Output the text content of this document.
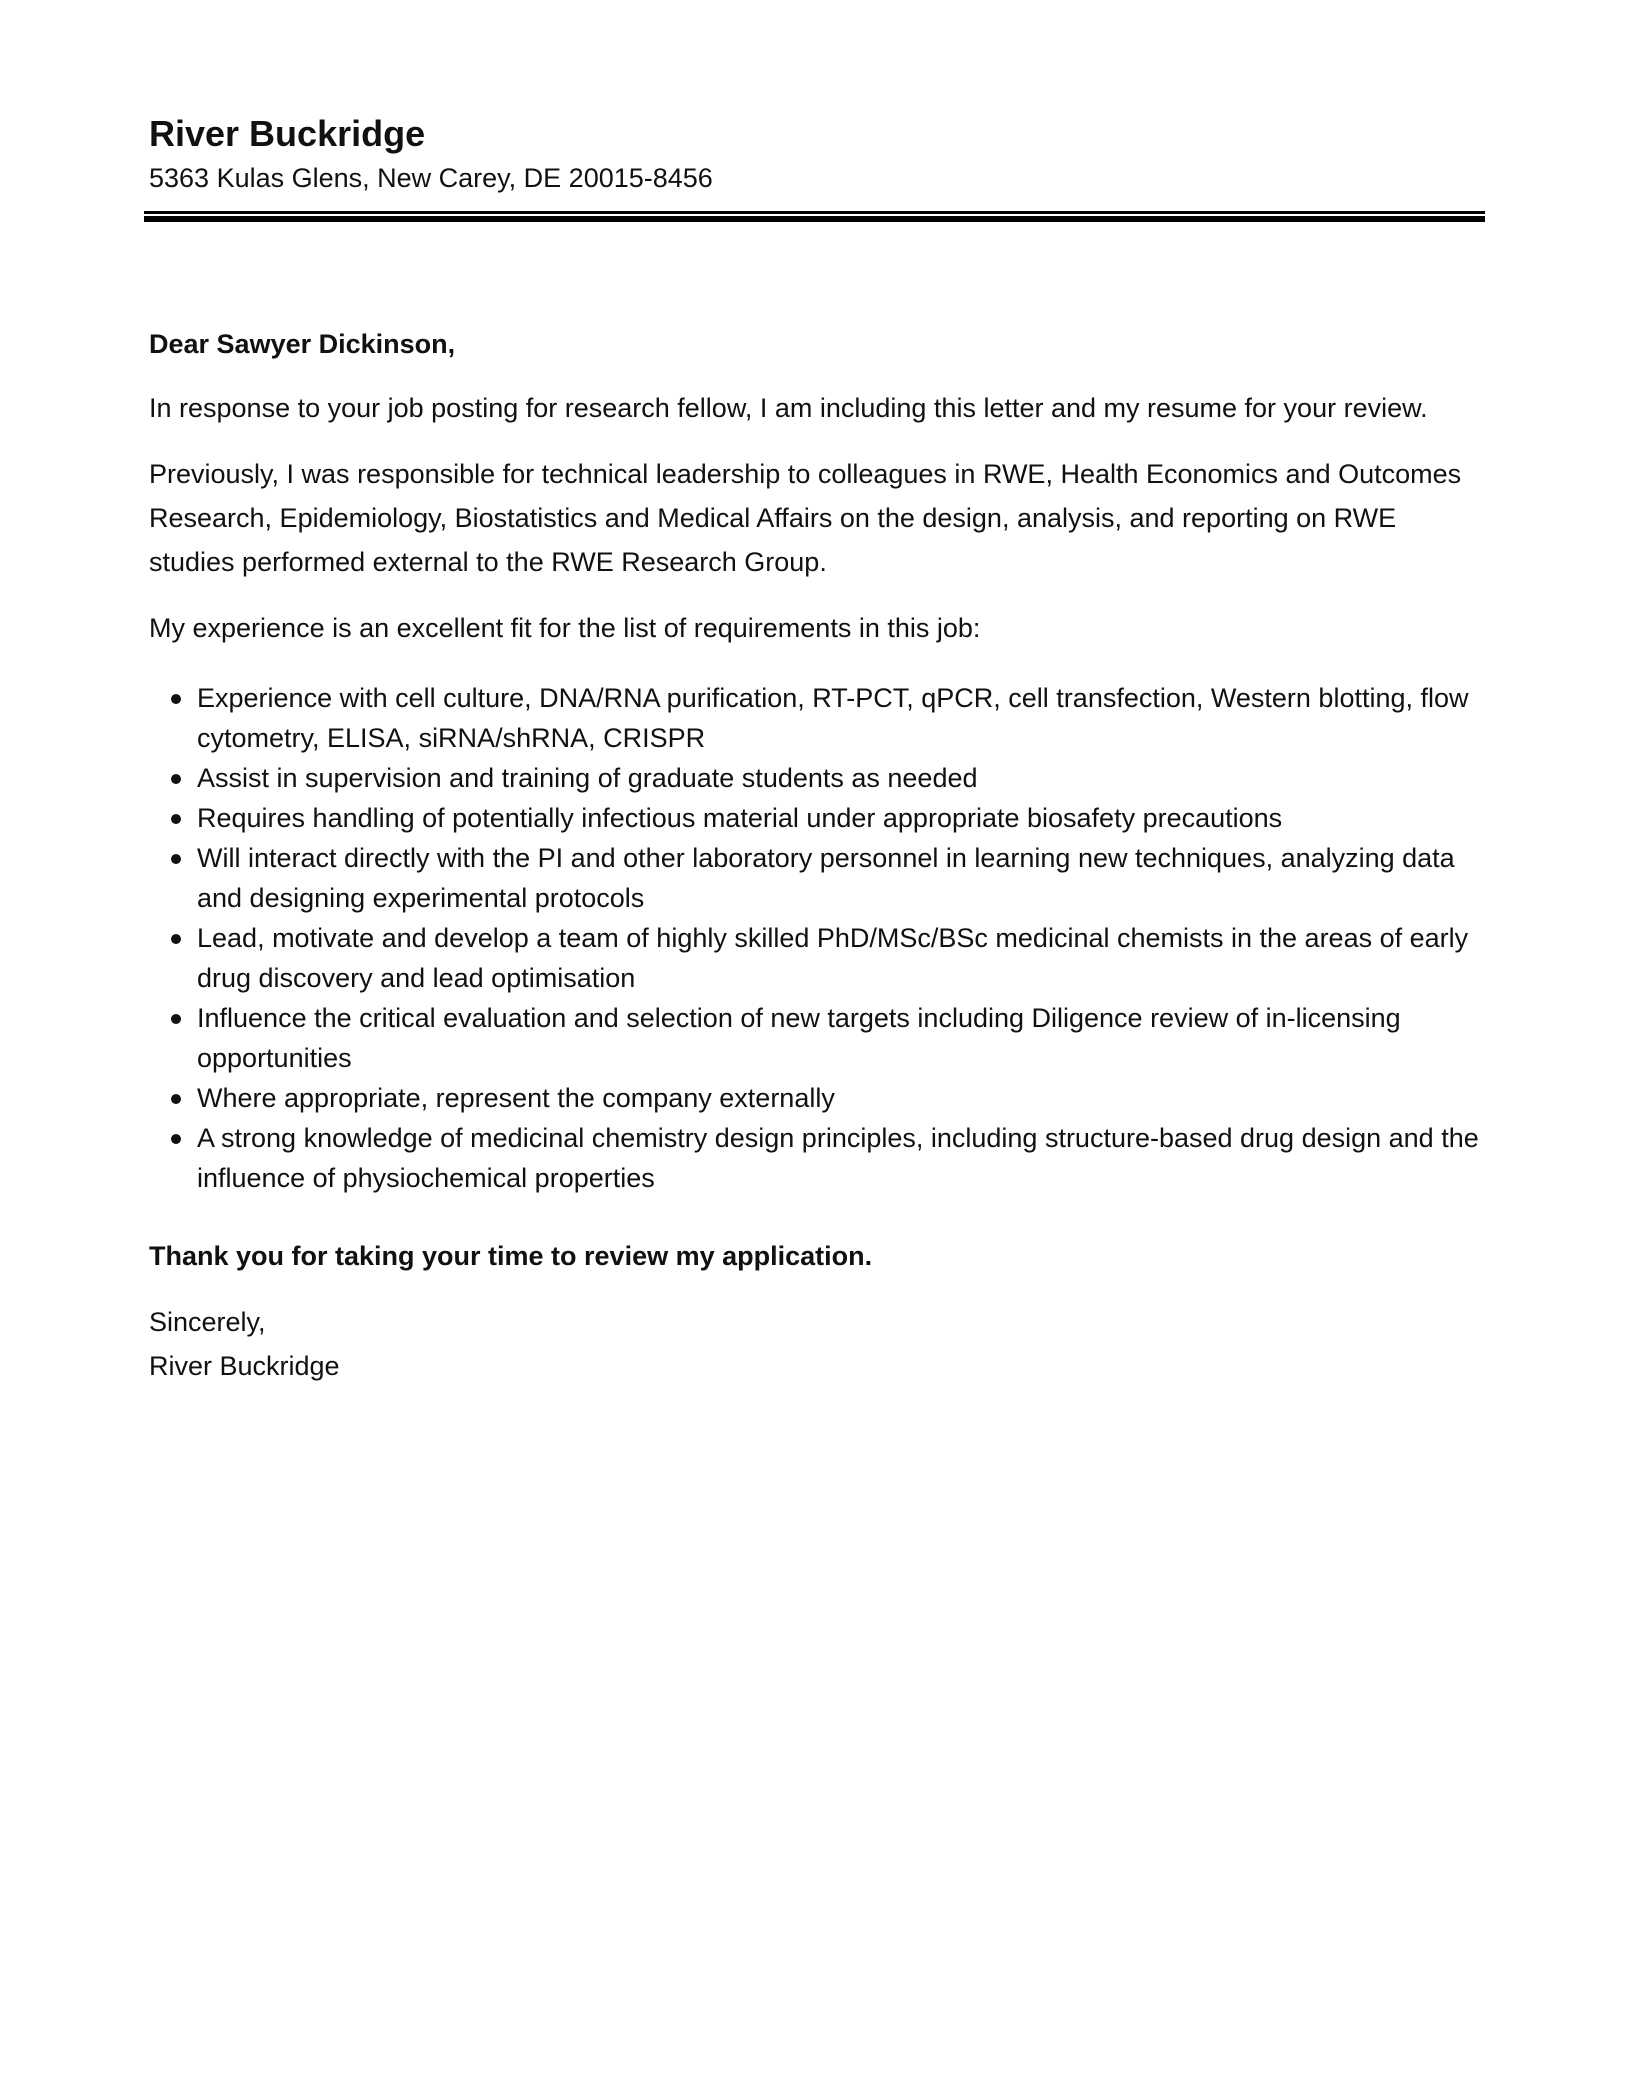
River Buckridge

5363 Kulas Glens, New Carey, DE 20015-8456

Dear Sawyer Dickinson,

In response to your job posting for research fellow, I am including this letter and my resume for your review.

Previously, I was responsible for technical leadership to colleagues in RWE, Health Economics and Outcomes Research, Epidemiology, Biostatistics and Medical Affairs on the design, analysis, and reporting on RWE studies performed external to the RWE Research Group.

My experience is an excellent fit for the list of requirements in this job:

Experience with cell culture, DNA/RNA purification, RT-PCT, qPCR, cell transfection, Western blotting, flow cytometry, ELISA, siRNA/shRNA, CRISPR
Assist in supervision and training of graduate students as needed
Requires handling of potentially infectious material under appropriate biosafety precautions
Will interact directly with the PI and other laboratory personnel in learning new techniques, analyzing data and designing experimental protocols
Lead, motivate and develop a team of highly skilled PhD/MSc/BSc medicinal chemists in the areas of early drug discovery and lead optimisation
Influence the critical evaluation and selection of new targets including Diligence review of in-licensing opportunities
Where appropriate, represent the company externally
A strong knowledge of medicinal chemistry design principles, including structure-based drug design and the influence of physiochemical properties

Thank you for taking your time to review my application.

Sincerely,

River Buckridge
